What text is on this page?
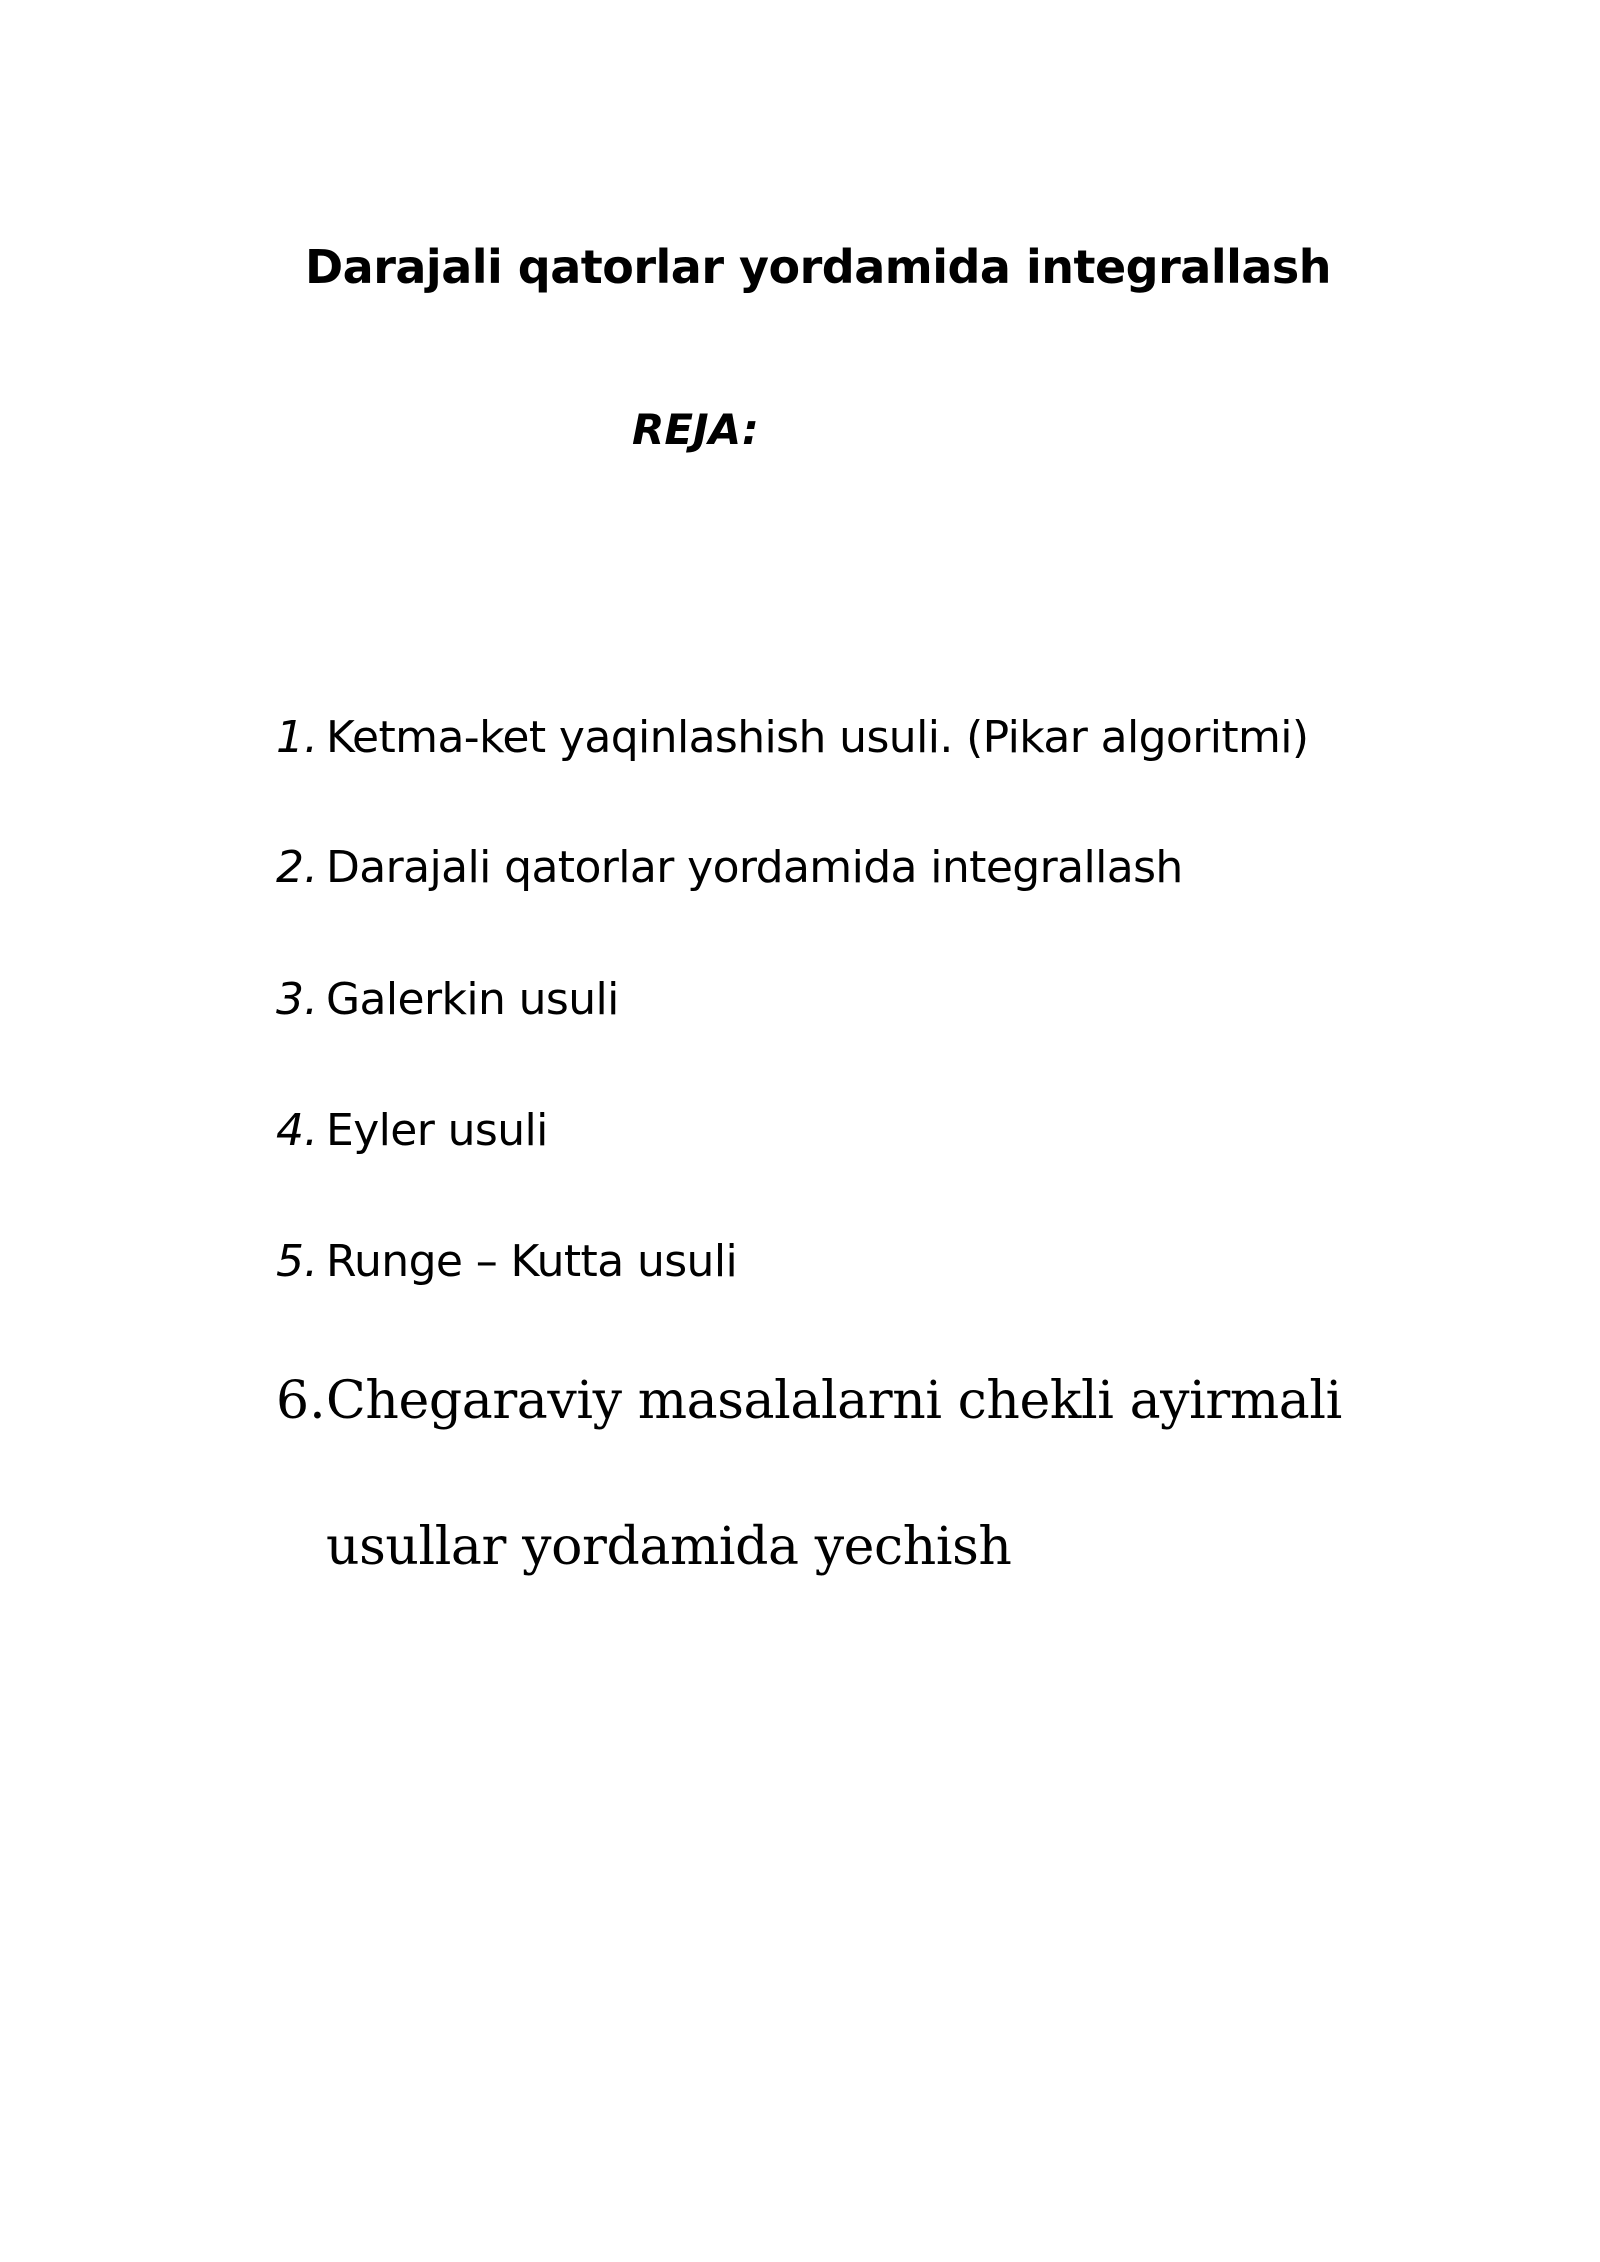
Darajali qatorlar yordamida integrallash
REJA:
1. Ketma-ket yaqinlashish usuli. (Pikar algoritmi)
2. Darajali qatorlar yordamida integrallash
3. Galerkin usuli
4. Eyler usuli
5. Runge – Kutta usuli
6. Chegaraviy masalalarni chekli ayirmali usullar yordamida yechish
